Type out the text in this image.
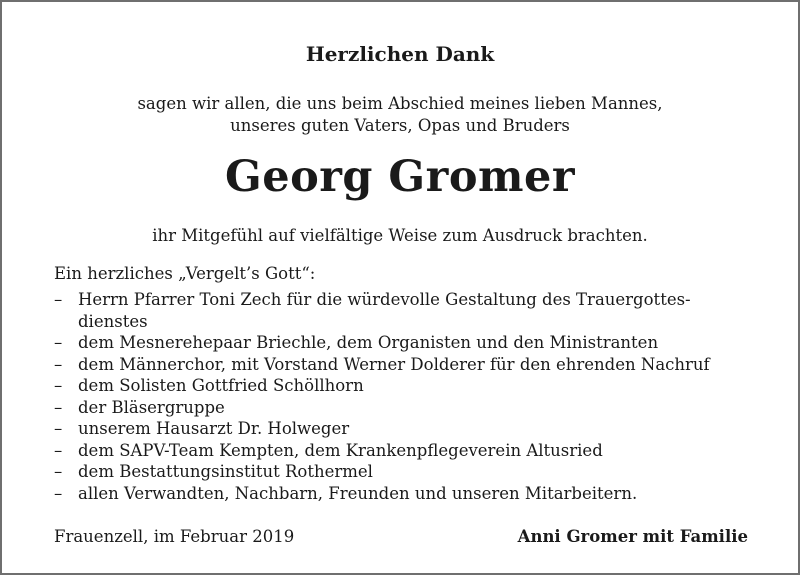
Herzlichen Dank
sagen wir allen, die uns beim Abschied meines lieben Mannes,
unseres guten Vaters, Opas und Bruders
Georg Gromer
ihr Mitgefühl auf vielfältige Weise zum Ausdruck brachten.
Ein herzliches „Vergelt’s Gott“:
– Herrn Pfarrer Toni Zech für die würdevolle Gestaltung des Trauergottes-
dienstes
– dem Mesnerehepaar Briechle, dem Organisten und den Ministranten
– dem Männerchor, mit Vorstand Werner Dolderer für den ehrenden Nachruf
– dem Solisten Gottfried Schöllhorn
– der Bläsergruppe
– unserem Hausarzt Dr. Holweger
– dem SAPV-Team Kempten, dem Krankenpflegeverein Altusried
– dem Bestattungsinstitut Rothermel
– allen Verwandten, Nachbarn, Freunden und unseren Mitarbeitern.
Frauenzell, im Februar 2019	Anni Gromer mit Familie
